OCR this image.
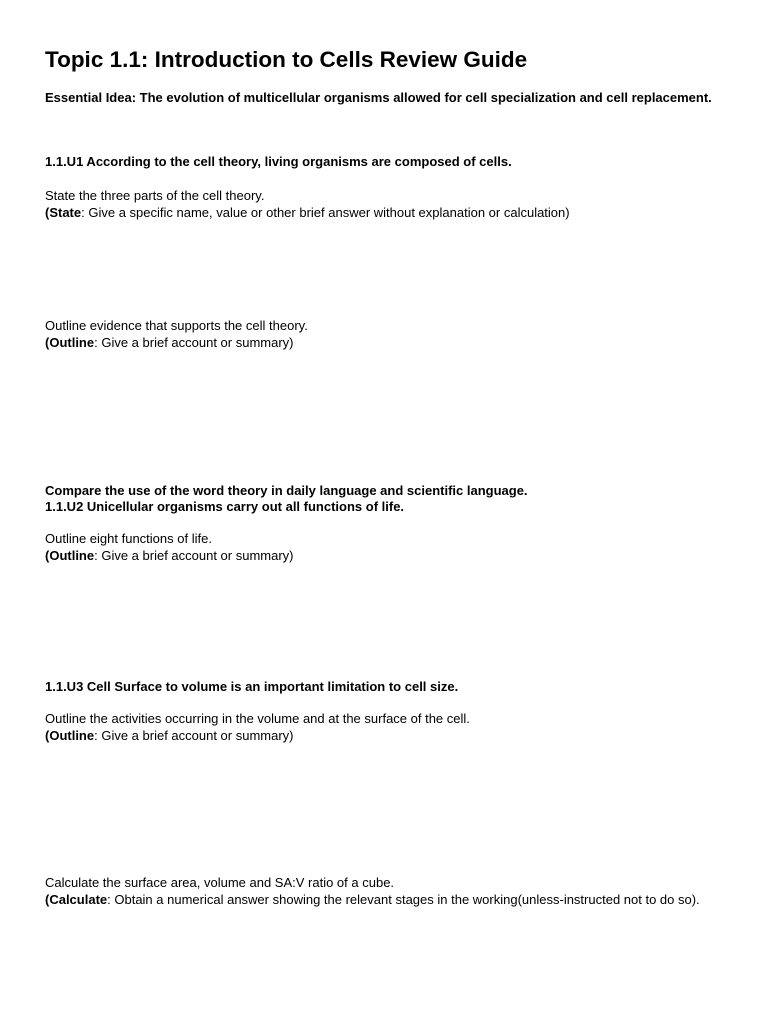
Topic 1.1: Introduction to Cells Review Guide

Essential Idea: The evolution of multicellular organisms allowed for cell specialization and cell replacement.

1.1.U1 According to the cell theory, living organisms are composed of cells.

State the three parts of the cell theory.
(State: Give a specific name, value or other brief answer without explanation or calculation)
Outline evidence that supports the cell theory.
(Outline: Give a brief account or summary)

Compare the use of the word theory in daily language and scientific language.

1.1.U2 Unicellular organisms carry out all functions of life.

Outline eight functions of life.
(Outline: Give a brief account or summary)

1.1.U3 Cell Surface to volume is an important limitation to cell size.

Outline the activities occurring in the volume and at the surface of the cell.
(Outline: Give a brief account or summary)
Calculate the surface area, volume and SA:V ratio of a cube.
(Calculate: Obtain a numerical answer showing the relevant stages in the working(unless-instructed not to do so).
